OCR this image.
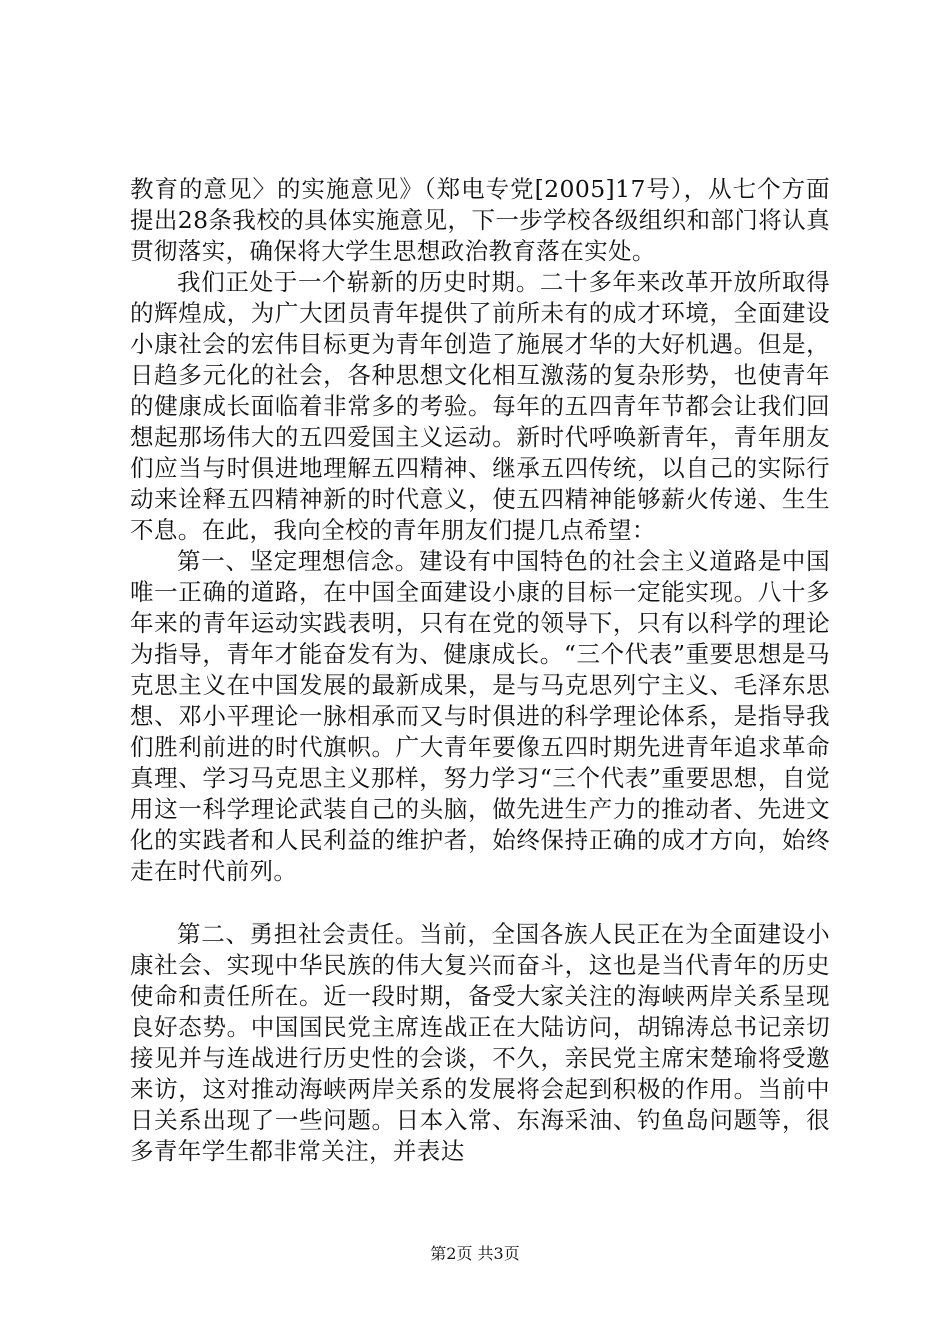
教育的意见〉的实施意见》（郑电专党[2005]17号），从七个方面提出28条我校的具体实施意见，下一步学校各级组织和部门将认真贯彻落实，确保将大学生思想政治教育落在实处。

我们正处于一个崭新的历史时期。二十多年来改革开放所取得的辉煌成，为广大团员青年提供了前所未有的成才环境，全面建设小康社会的宏伟目标更为青年创造了施展才华的大好机遇。但是，日趋多元化的社会，各种思想文化相互激荡的复杂形势，也使青年的健康成长面临着非常多的考验。每年的五四青年节都会让我们回想起那场伟大的五四爱国主义运动。新时代呼唤新青年，青年朋友们应当与时俱进地理解五四精神、继承五四传统，以自己的实际行动来诠释五四精神新的时代意义，使五四精神能够薪火传递、生生不息。在此，我向全校的青年朋友们提几点希望：

第一、坚定理想信念。建设有中国特色的社会主义道路是中国唯一正确的道路，在中国全面建设小康的目标一定能实现。八十多年来的青年运动实践表明，只有在党的领导下，只有以科学的理论为指导，青年才能奋发有为、健康成长。“三个代表”重要思想是马克思主义在中国发展的最新成果，是与马克思列宁主义、毛泽东思想、邓小平理论一脉相承而又与时俱进的科学理论体系，是指导我们胜利前进的时代旗帜。广大青年要像五四时期先进青年追求革命真理、学习马克思主义那样，努力学习“三个代表”重要思想，自觉用这一科学理论武装自己的头脑，做先进生产力的推动者、先进文化的实践者和人民利益的维护者，始终保持正确的成才方向，始终走在时代前列。

第二、勇担社会责任。当前，全国各族人民正在为全面建设小康社会、实现中华民族的伟大复兴而奋斗，这也是当代青年的历史使命和责任所在。近一段时期，备受大家关注的海峡两岸关系呈现良好态势。中国国民党主席连战正在大陆访问，胡锦涛总书记亲切接见并与连战进行历史性的会谈，不久，亲民党主席宋楚瑜将受邀来访，这对推动海峡两岸关系的发展将会起到积极的作用。当前中日关系出现了一些问题。日本入常、东海采油、钓鱼岛问题等，很多青年学生都非常关注，并表达

第2页 共3页
